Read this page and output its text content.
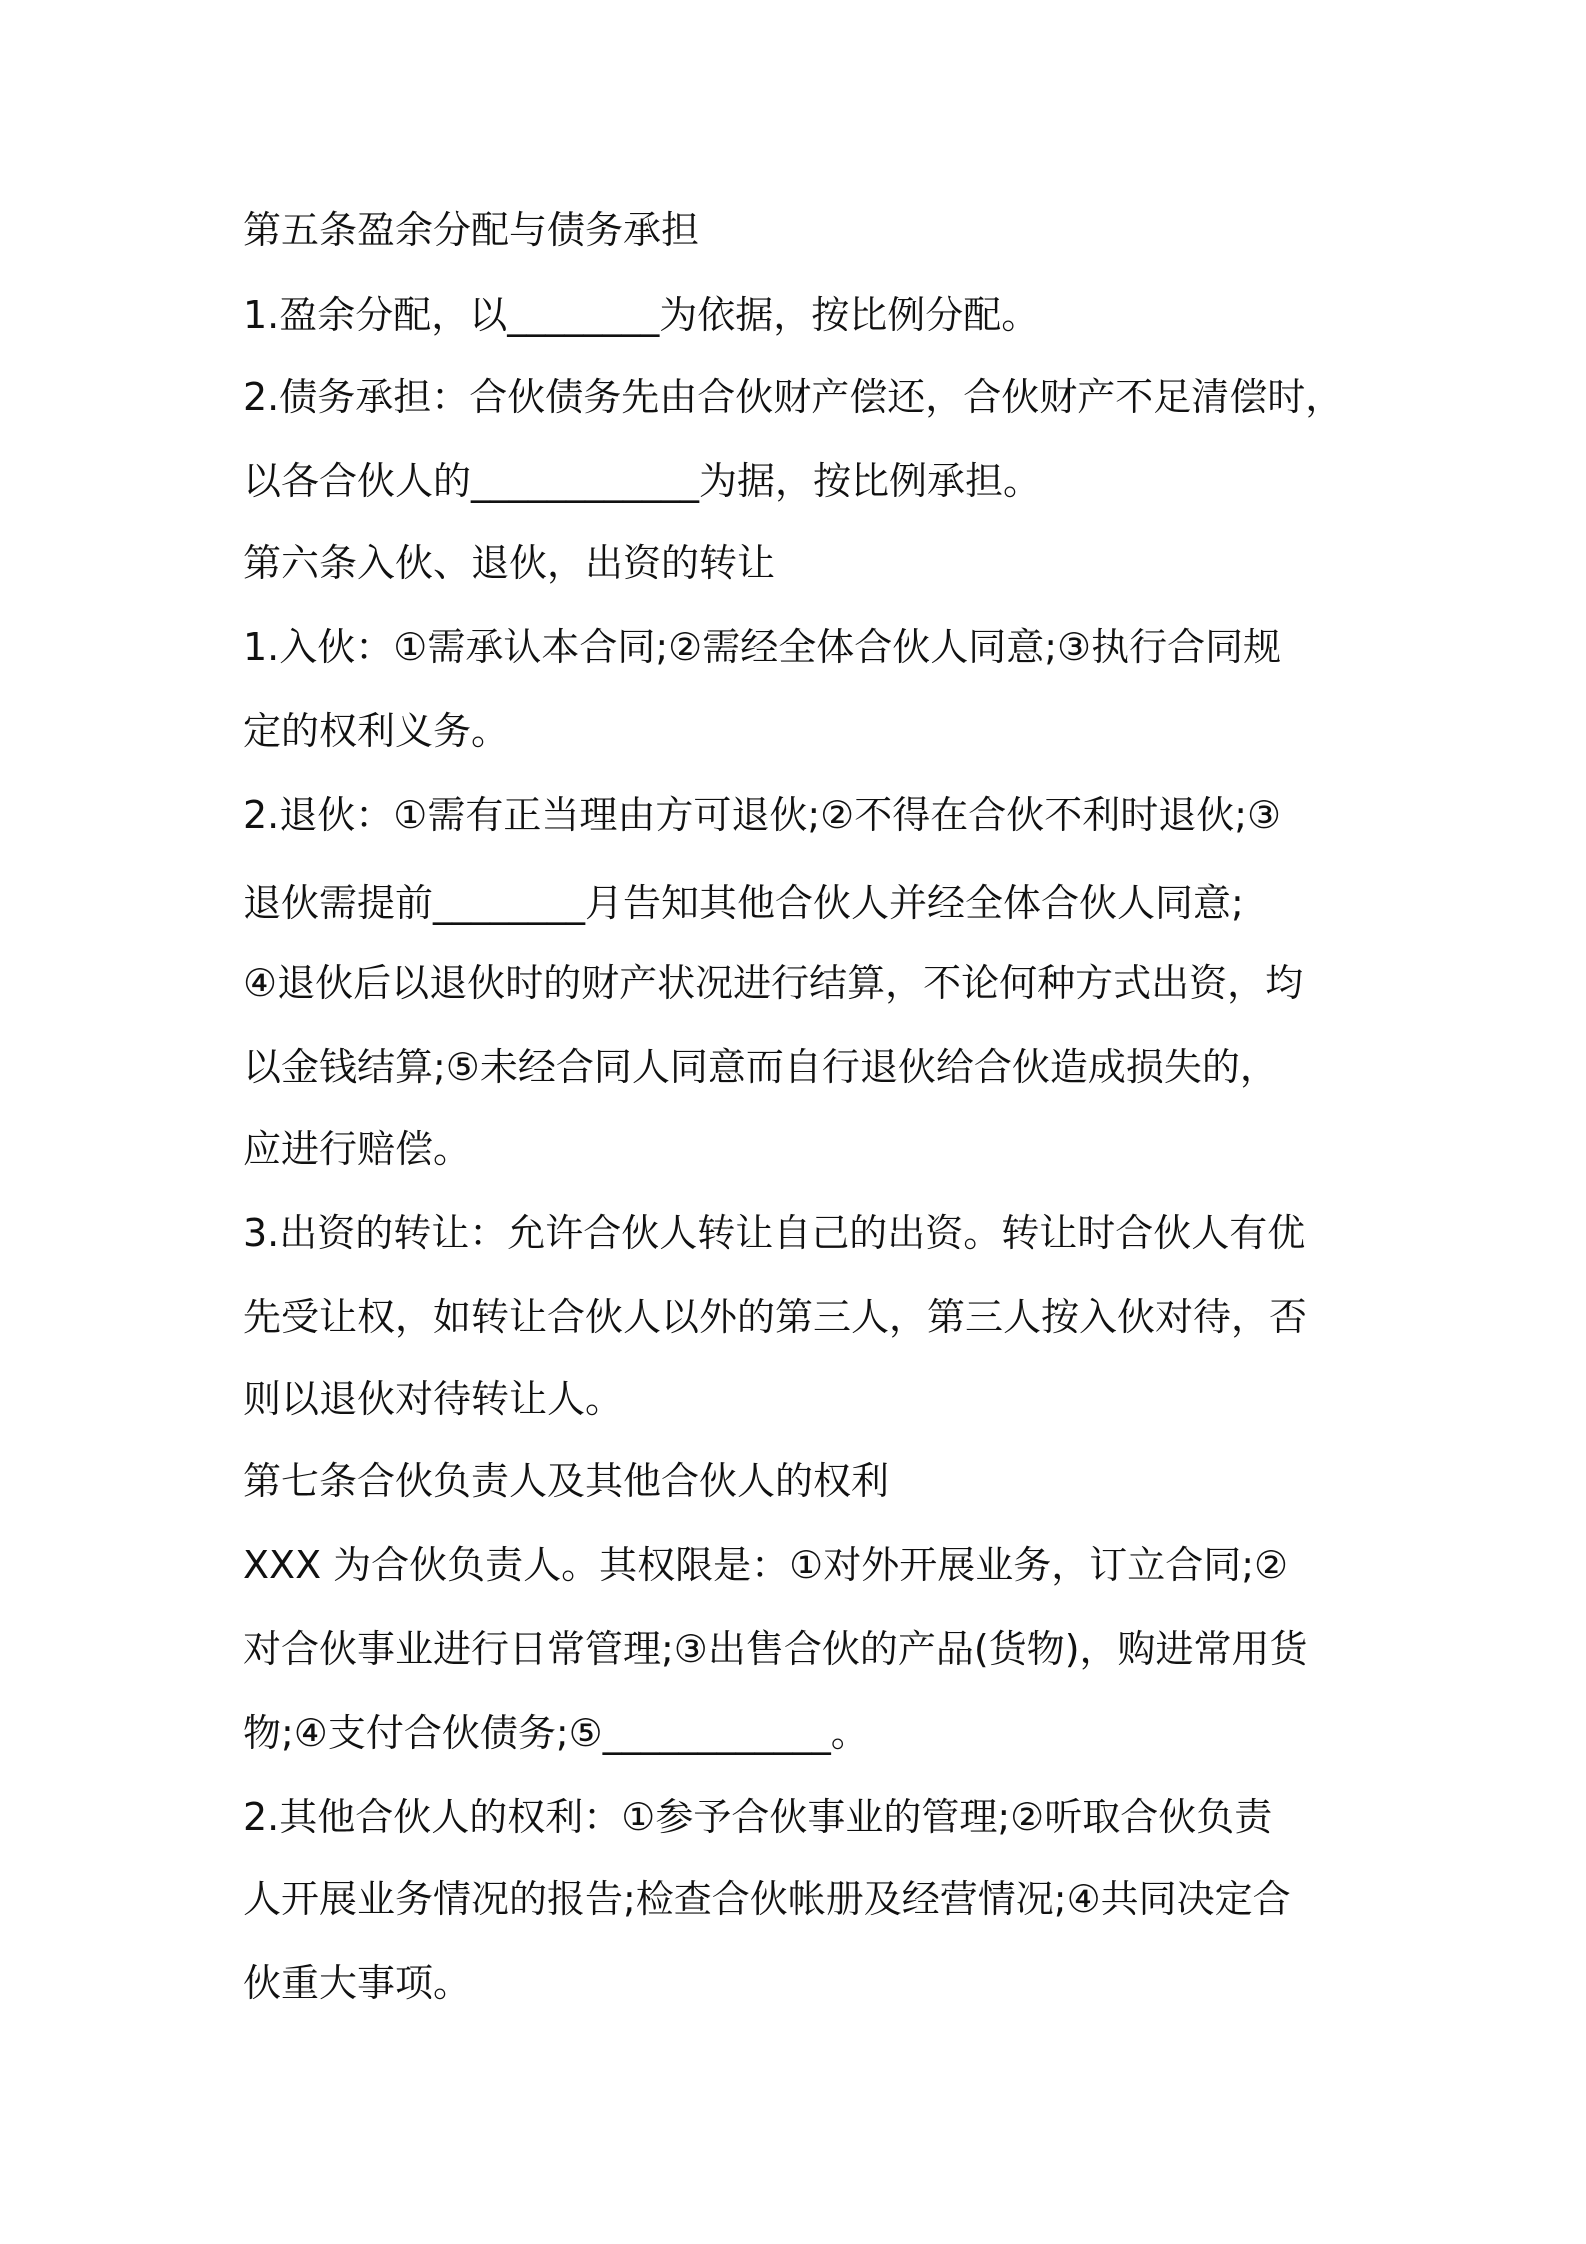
第五条盈余分配与债务承担
1.盈余分配，以________为依据，按比例分配。
2.债务承担：合伙债务先由合伙财产偿还，合伙财产不足清偿时，
以各合伙人的____________为据，按比例承担。
第六条入伙、退伙，出资的转让
1.入伙：①需承认本合同;②需经全体合伙人同意;③执行合同规
定的权利义务。
2.退伙：①需有正当理由方可退伙;②不得在合伙不利时退伙;③
退伙需提前________月告知其他合伙人并经全体合伙人同意;
④退伙后以退伙时的财产状况进行结算，不论何种方式出资，均
以金钱结算;⑤未经合同人同意而自行退伙给合伙造成损失的，
应进行赔偿。
3.出资的转让：允许合伙人转让自己的出资。转让时合伙人有优
先受让权，如转让合伙人以外的第三人，第三人按入伙对待，否
则以退伙对待转让人。
第七条合伙负责人及其他合伙人的权利
XXX 为合伙负责人。其权限是：①对外开展业务，订立合同;②
对合伙事业进行日常管理;③出售合伙的产品(货物)，购进常用货
物;④支付合伙债务;⑤____________。
2.其他合伙人的权利：①参予合伙事业的管理;②听取合伙负责
人开展业务情况的报告;检查合伙帐册及经营情况;④共同决定合
伙重大事项。
